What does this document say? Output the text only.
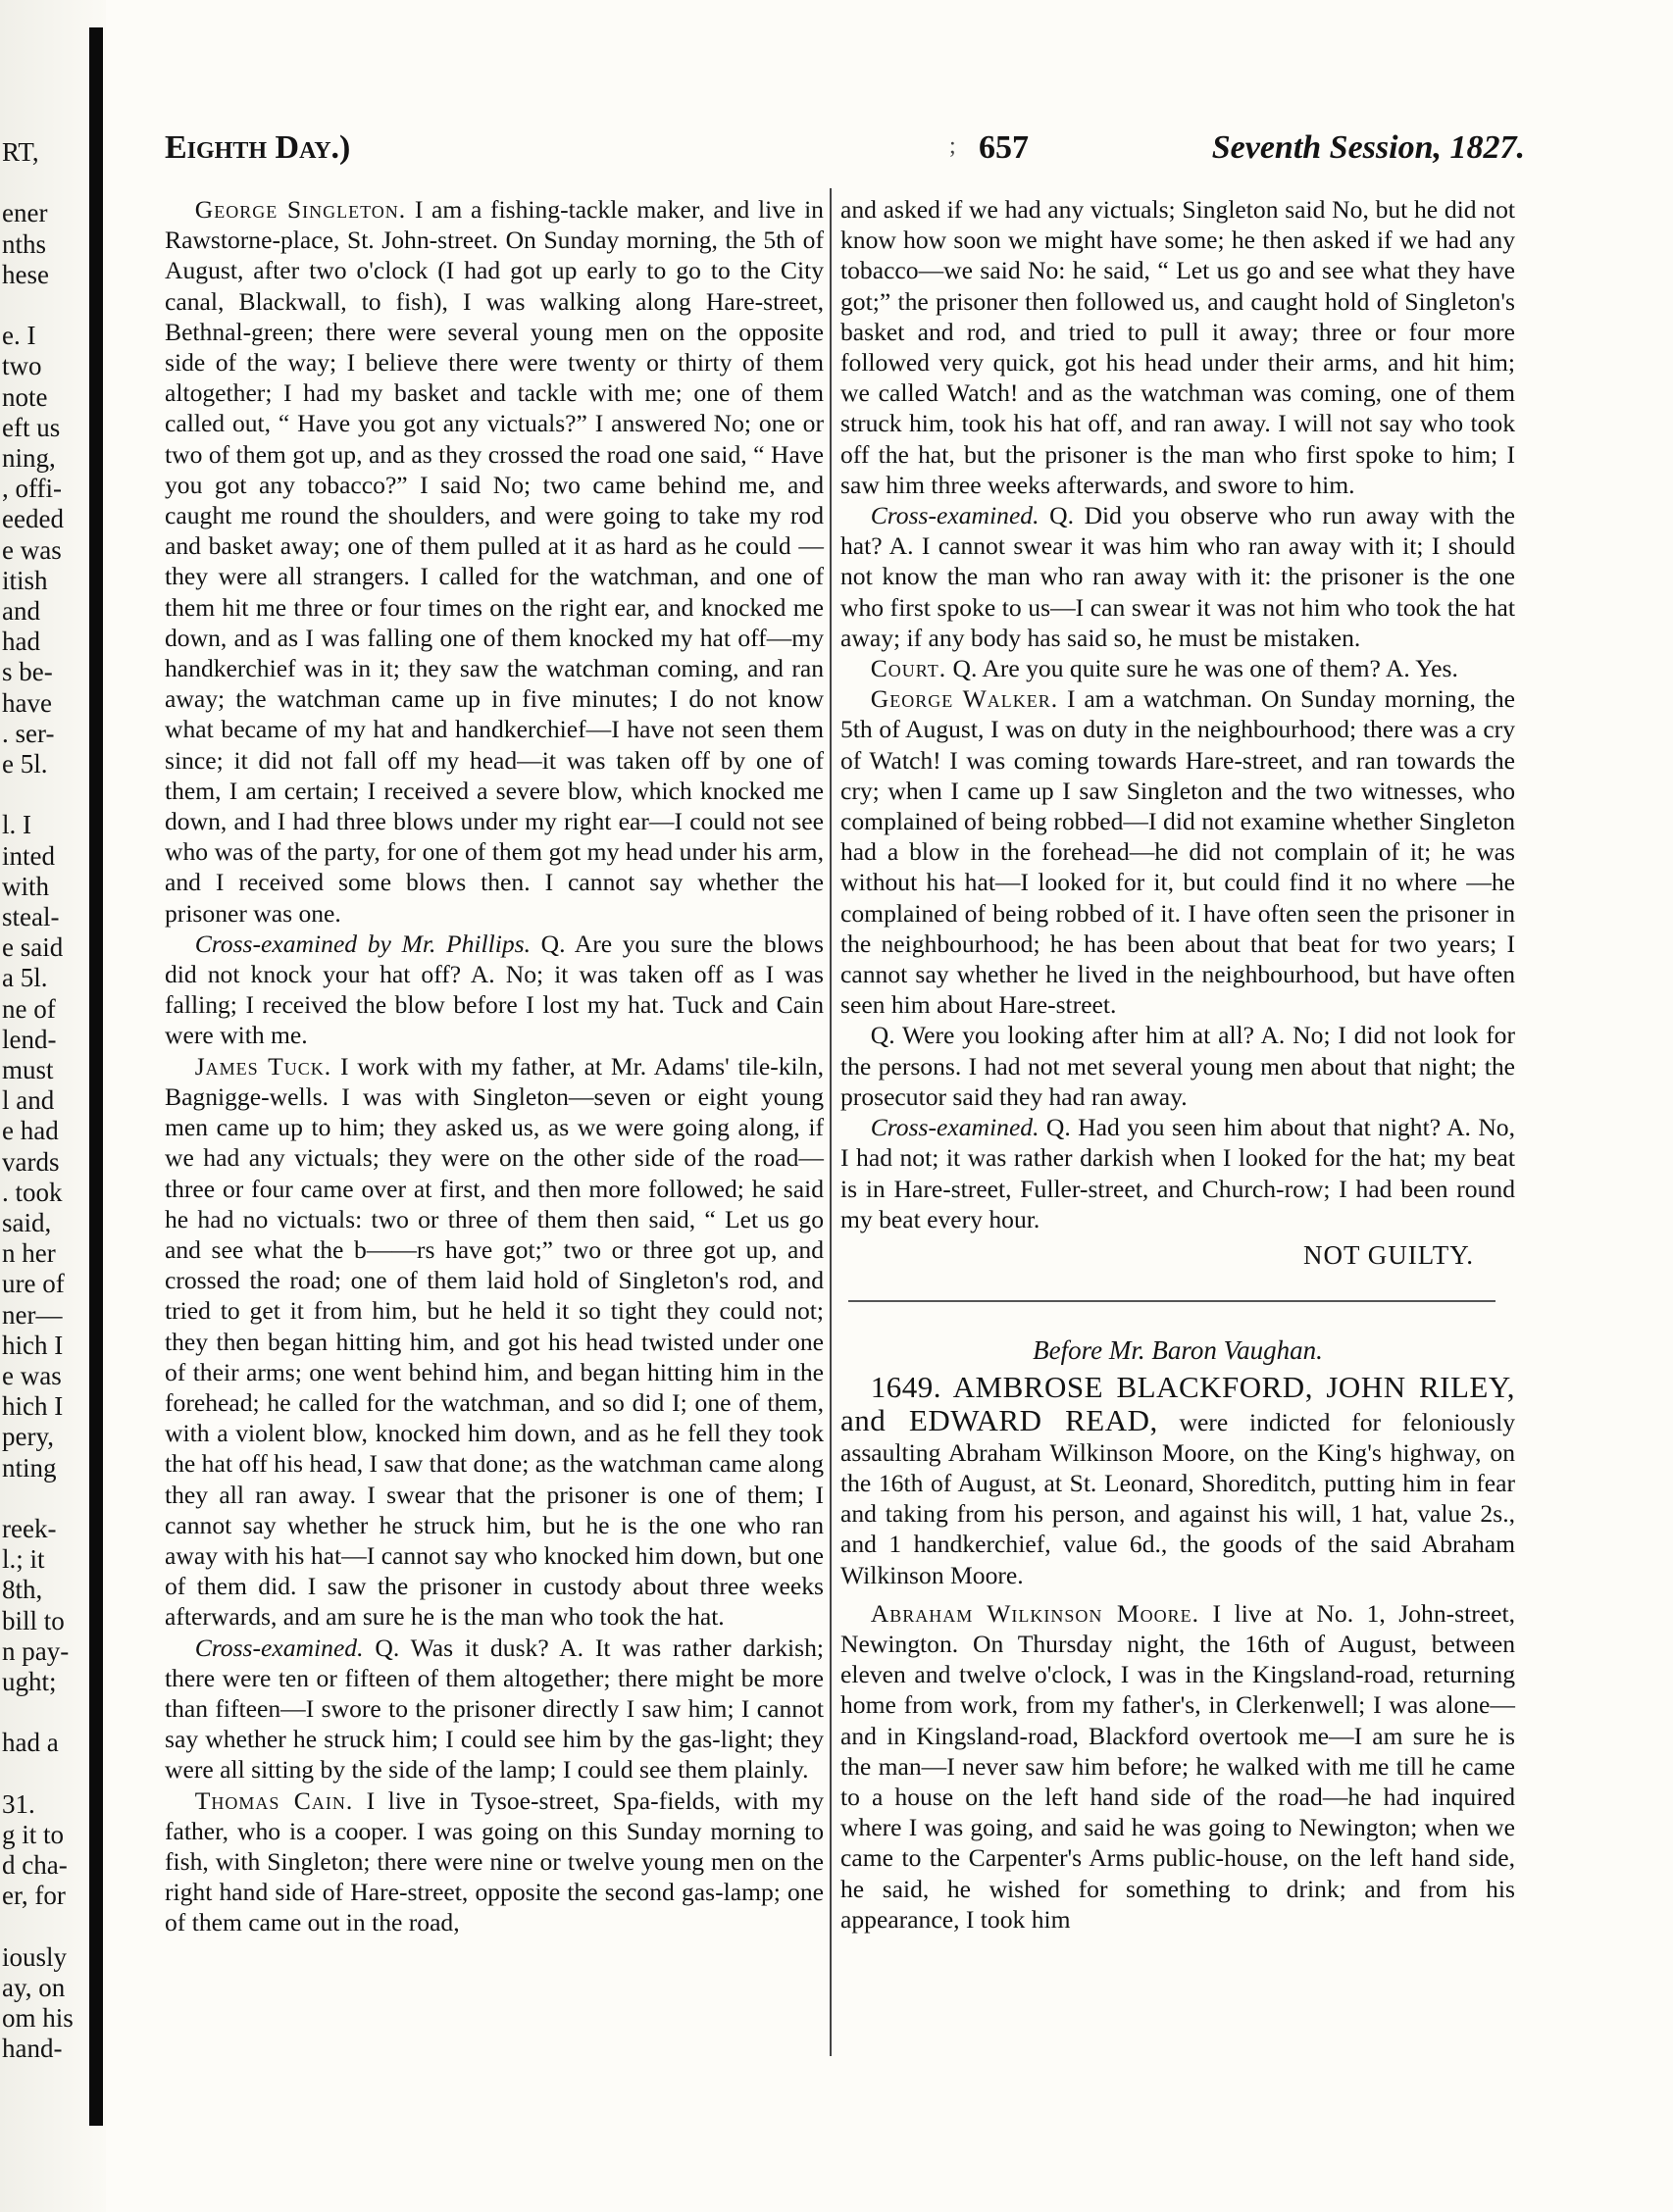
RT,
ener
nths
hese
e. I
two
note
eft us
ning,
, offi-
eeded
e was
itish
and
had
s be-
have
. ser-
e 5l.
l. I
inted
with
steal-
e said
a 5l.
ne of
lend-
must
l and
e had
vards
. took
said,
n her
ure of
ner—
hich I
e was
hich I
pery,
nting
reek-
l.; it
8th,
bill to
n pay-
ught;
had a
31.
g it to
d cha-
er, for
iously
ay, on
om his
hand-
Eighth Day.)	; 657	Seventh Session, 1827.

George Singleton. I am a fishing-tackle maker, and live in Rawstorne-place, St. John-street. On Sunday morning, the 5th of August, after two o'clock (I had got up early to go to the City canal, Blackwall, to fish), I was walking along Hare-street, Bethnal-green; there were several young men on the opposite side of the way; I believe there were twenty or thirty of them altogether; I had my basket and tackle with me; one of them called out, “ Have you got any victuals?” I answered No; one or two of them got up, and as they crossed the road one said, “ Have you got any tobacco?” I said No; two came behind me, and caught me round the shoulders, and were going to take my rod and basket away; one of them pulled at it as hard as he could —they were all strangers. I called for the watchman, and one of them hit me three or four times on the right ear, and knocked me down, and as I was falling one of them knocked my hat off—my handkerchief was in it; they saw the watchman coming, and ran away; the watchman came up in five minutes; I do not know what became of my hat and handkerchief—I have not seen them since; it did not fall off my head—it was taken off by one of them, I am certain; I received a severe blow, which knocked me down, and I had three blows under my right ear—I could not see who was of the party, for one of them got my head under his arm, and I received some blows then. I cannot say whether the prisoner was one.

Cross-examined by Mr. Phillips. Q. Are you sure the blows did not knock your hat off? A. No; it was taken off as I was falling; I received the blow before I lost my hat. Tuck and Cain were with me.

James Tuck. I work with my father, at Mr. Adams' tile-kiln, Bagnigge-wells. I was with Singleton—seven or eight young men came up to him; they asked us, as we were going along, if we had any victuals; they were on the other side of the road—three or four came over at first, and then more followed; he said he had no victuals: two or three of them then said, “ Let us go and see what the b——rs have got;” two or three got up, and crossed the road; one of them laid hold of Singleton's rod, and tried to get it from him, but he held it so tight they could not; they then began hitting him, and got his head twisted under one of their arms; one went behind him, and began hitting him in the forehead; he called for the watchman, and so did I; one of them, with a violent blow, knocked him down, and as he fell they took the hat off his head, I saw that done; as the watchman came along they all ran away. I swear that the prisoner is one of them; I cannot say whether he struck him, but he is the one who ran away with his hat—I cannot say who knocked him down, but one of them did. I saw the prisoner in custody about three weeks afterwards, and am sure he is the man who took the hat.

Cross-examined. Q. Was it dusk? A. It was rather darkish; there were ten or fifteen of them altogether; there might be more than fifteen—I swore to the prisoner directly I saw him; I cannot say whether he struck him; I could see him by the gas-light; they were all sitting by the side of the lamp; I could see them plainly.

Thomas Cain. I live in Tysoe-street, Spa-fields, with my father, who is a cooper. I was going on this Sunday morning to fish, with Singleton; there were nine or twelve young men on the right hand side of Hare-street, opposite the second gas-lamp; one of them came out in the road,

and asked if we had any victuals; Singleton said No, but he did not know how soon we might have some; he then asked if we had any tobacco—we said No: he said, “ Let us go and see what they have got;” the prisoner then followed us, and caught hold of Singleton's basket and rod, and tried to pull it away; three or four more followed very quick, got his head under their arms, and hit him; we called Watch! and as the watchman was coming, one of them struck him, took his hat off, and ran away. I will not say who took off the hat, but the prisoner is the man who first spoke to him; I saw him three weeks afterwards, and swore to him.

Cross-examined. Q. Did you observe who run away with the hat? A. I cannot swear it was him who ran away with it; I should not know the man who ran away with it: the prisoner is the one who first spoke to us—I can swear it was not him who took the hat away; if any body has said so, he must be mistaken.

Court. Q. Are you quite sure he was one of them? A. Yes.

George Walker. I am a watchman. On Sunday morning, the 5th of August, I was on duty in the neighbourhood; there was a cry of Watch! I was coming towards Hare-street, and ran towards the cry; when I came up I saw Singleton and the two witnesses, who complained of being robbed—I did not examine whether Singleton had a blow in the forehead—he did not complain of it; he was without his hat—I looked for it, but could find it no where —he complained of being robbed of it. I have often seen the prisoner in the neighbourhood; he has been about that beat for two years; I cannot say whether he lived in the neighbourhood, but have often seen him about Hare-street.

Q. Were you looking after him at all? A. No; I did not look for the persons. I had not met several young men about that night; the prosecutor said they had ran away.

Cross-examined. Q. Had you seen him about that night? A. No, I had not; it was rather darkish when I looked for the hat; my beat is in Hare-street, Fuller-street, and Church-row; I had been round my beat every hour.

NOT GUILTY.
Before Mr. Baron Vaughan.

1649. AMBROSE BLACKFORD, JOHN RILEY, and EDWARD READ, were indicted for feloniously assaulting Abraham Wilkinson Moore, on the King's highway, on the 16th of August, at St. Leonard, Shoreditch, putting him in fear and taking from his person, and against his will, 1 hat, value 2s., and 1 handkerchief, value 6d., the goods of the said Abraham Wilkinson Moore.

Abraham Wilkinson Moore. I live at No. 1, John-street, Newington. On Thursday night, the 16th of August, between eleven and twelve o'clock, I was in the Kingsland-road, returning home from work, from my father's, in Clerkenwell; I was alone—and in Kingsland-road, Blackford overtook me—I am sure he is the man—I never saw him before; he walked with me till he came to a house on the left hand side of the road—he had inquired where I was going, and said he was going to Newington; when we came to the Carpenter's Arms public-house, on the left hand side, he said, he wished for something to drink; and from his appearance, I took him
